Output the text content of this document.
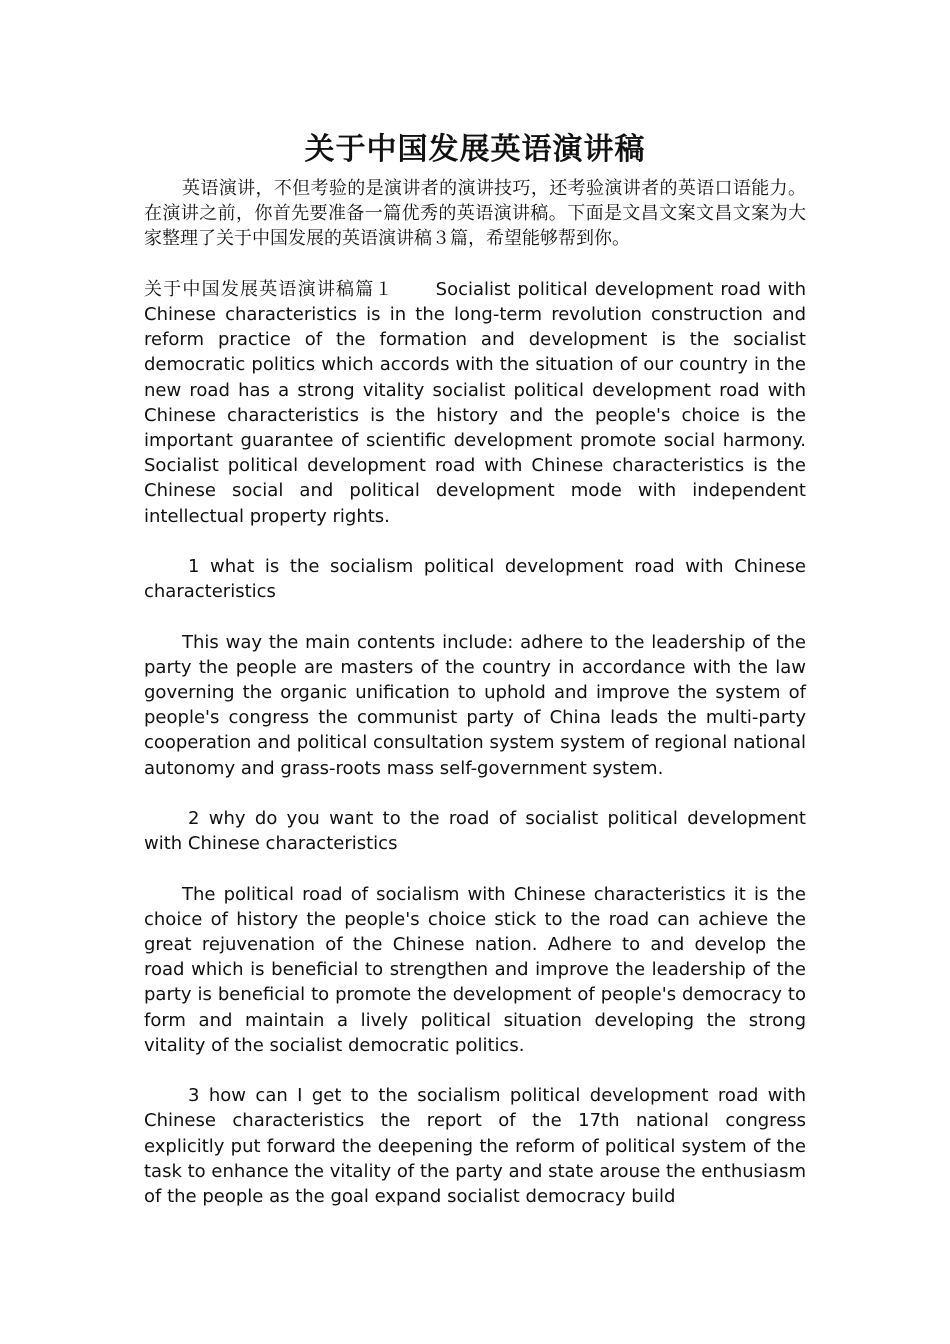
关于中国发展英语演讲稿

英语演讲，不但考验的是演讲者的演讲技巧，还考验演讲者的英语口语能力。在演讲之前，你首先要准备一篇优秀的英语演讲稿。下面是文昌文案文昌文案为大家整理了关于中国发展的英语演讲稿３篇，希望能够帮到你。

关于中国发展英语演讲稿篇１ Socialist political development road with Chinese characteristics is in the long-term revolution construction and reform practice of the formation and development is the socialist democratic politics which accords with the situation of our country in the new road has a strong vitality socialist political development road with Chinese characteristics is the history and the people's choice is the important guarantee of scientific development promote social harmony. Socialist political development road with Chinese characteristics is the Chinese social and political development mode with independent intellectual property rights.

1 what is the socialism political development road with Chinese characteristics

This way the main contents include: adhere to the leadership of the party the people are masters of the country in accordance with the law governing the organic unification to uphold and improve the system of people's congress the communist party of China leads the multi-party cooperation and political consultation system system of regional national autonomy and grass-roots mass self-government system.

2 why do you want to the road of socialist political development with Chinese characteristics

The political road of socialism with Chinese characteristics it is the choice of history the people's choice stick to the road can achieve the great rejuvenation of the Chinese nation. Adhere to and develop the road which is beneficial to strengthen and improve the leadership of the party is beneficial to promote the development of people's democracy to form and maintain a lively political situation developing the strong vitality of the socialist democratic politics.

3 how can I get to the socialism political development road with Chinese characteristics the report of the 17th national congress explicitly put forward the deepening the reform of political system of the task to enhance the vitality of the party and state arouse the enthusiasm of the people as the goal expand socialist democracy build
